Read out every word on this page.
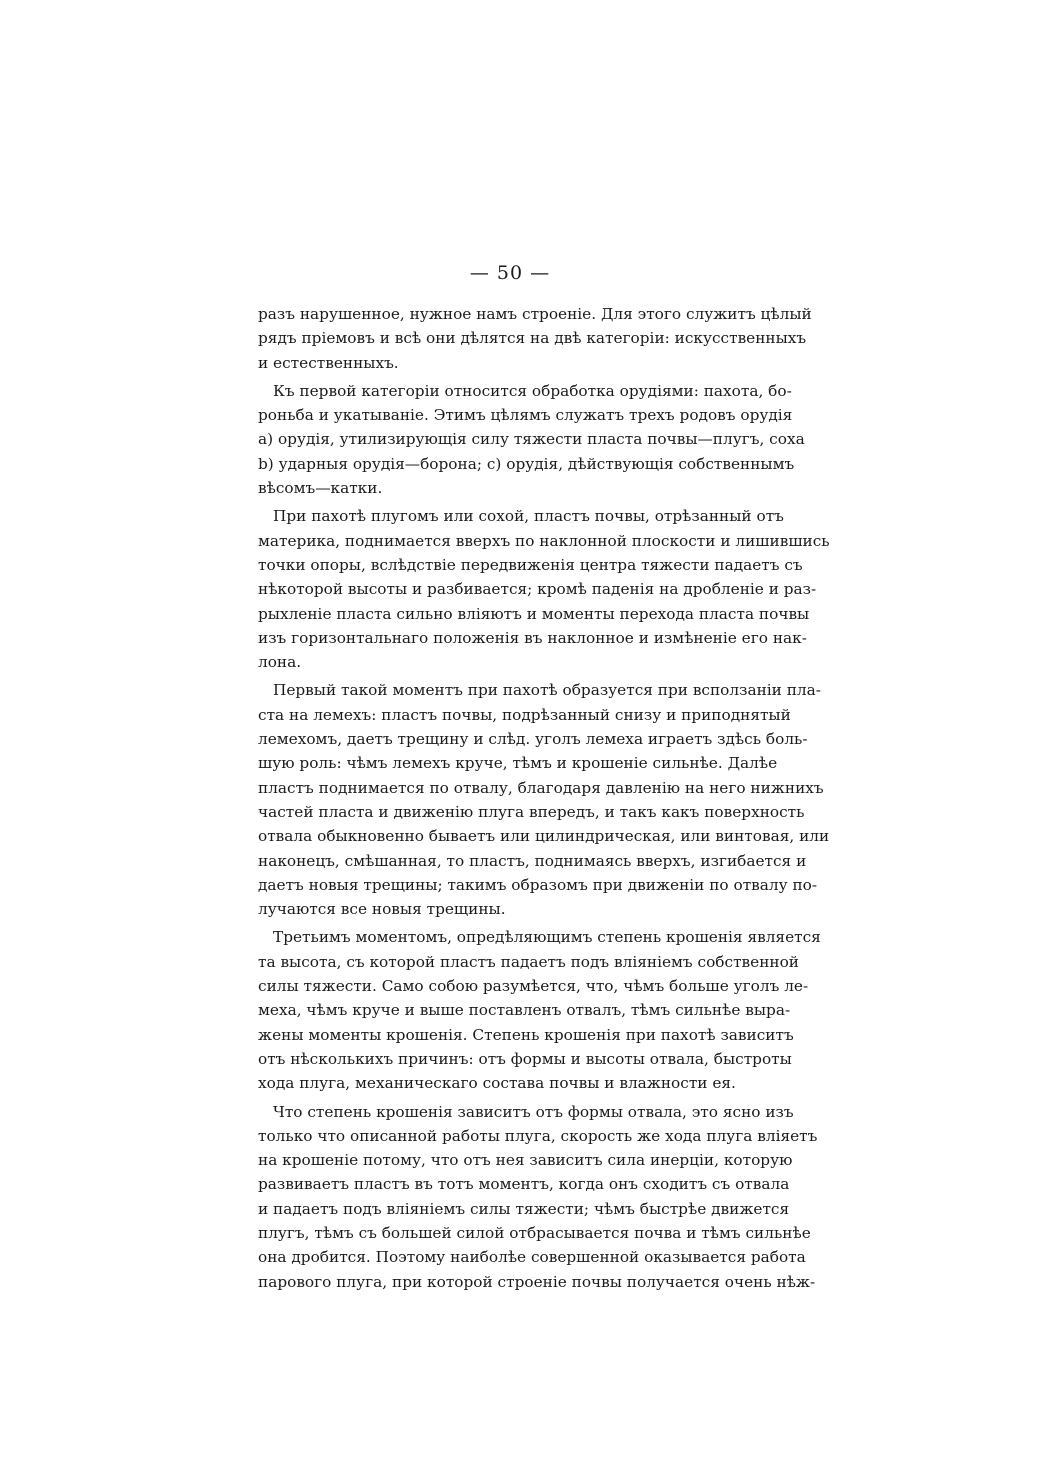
— 50 —
разъ нарушенное, нужное намъ строеніе. Для этого служитъ цѣлый
рядъ пріемовъ и всѣ они дѣлятся на двѣ категоріи: искусственныхъ
и естественныхъ.
Къ первой категоріи относится обработка орудіями: пахота, бо-
роньба и укатываніе. Этимъ цѣлямъ служатъ трехъ родовъ орудія
a) орудія, утилизирующія силу тяжести пласта почвы—плугъ, соха
b) ударныя орудія—борона; c) орудія, дѣйствующія собственнымъ
вѣсомъ—катки.
При пахотѣ плугомъ или сохой, пластъ почвы, отрѣзанный отъ
материка, поднимается вверхъ по наклонной плоскости и лишившись
точки опоры, вслѣдствіе передвиженія центра тяжести падаетъ съ
нѣкоторой высоты и разбивается; кромѣ паденія на дробленіе и раз-
рыхленіе пласта сильно вліяютъ и моменты перехода пласта почвы
изъ горизонтальнаго положенія въ наклонное и измѣненіе его нак-
лона.
Первый такой моментъ при пахотѣ образуется при всползаніи пла-
ста на лемехъ: пластъ почвы, подрѣзанный снизу и приподнятый
лемехомъ, даетъ трещину и слѣд. уголъ лемеха играетъ здѣсь боль-
шую роль: чѣмъ лемехъ круче, тѣмъ и крошеніе сильнѣе. Далѣе
пластъ поднимается по отвалу, благодаря давленію на него нижнихъ
частей пласта и движенію плуга впередъ, и такъ какъ поверхность
отвала обыкновенно бываетъ или цилиндрическая, или винтовая, или
наконецъ, смѣшанная, то пластъ, поднимаясь вверхъ, изгибается и
даетъ новыя трещины; такимъ образомъ при движеніи по отвалу по-
лучаются все новыя трещины.
Третьимъ моментомъ, опредѣляющимъ степень крошенія является
та высота, съ которой пластъ падаетъ подъ вліяніемъ собственной
силы тяжести. Само собою разумѣется, что, чѣмъ больше уголъ ле-
меха, чѣмъ круче и выше поставленъ отвалъ, тѣмъ сильнѣе выра-
жены моменты крошенія. Степень крошенія при пахотѣ зависитъ
отъ нѣсколькихъ причинъ: отъ формы и высоты отвала, быстроты
хода плуга, механическаго состава почвы и влажности ея.
Что степень крошенія зависитъ отъ формы отвала, это ясно изъ
только что описанной работы плуга, скорость же хода плуга вліяетъ
на крошеніе потому, что отъ нея зависитъ сила инерціи, которую
развиваетъ пластъ въ тотъ моментъ, когда онъ сходитъ съ отвала
и падаетъ подъ вліяніемъ силы тяжести; чѣмъ быстрѣе движется
плугъ, тѣмъ съ большей силой отбрасывается почва и тѣмъ сильнѣе
она дробится. Поэтому наиболѣе совершенной оказывается работа
парового плуга, при которой строеніе почвы получается очень нѣж-
